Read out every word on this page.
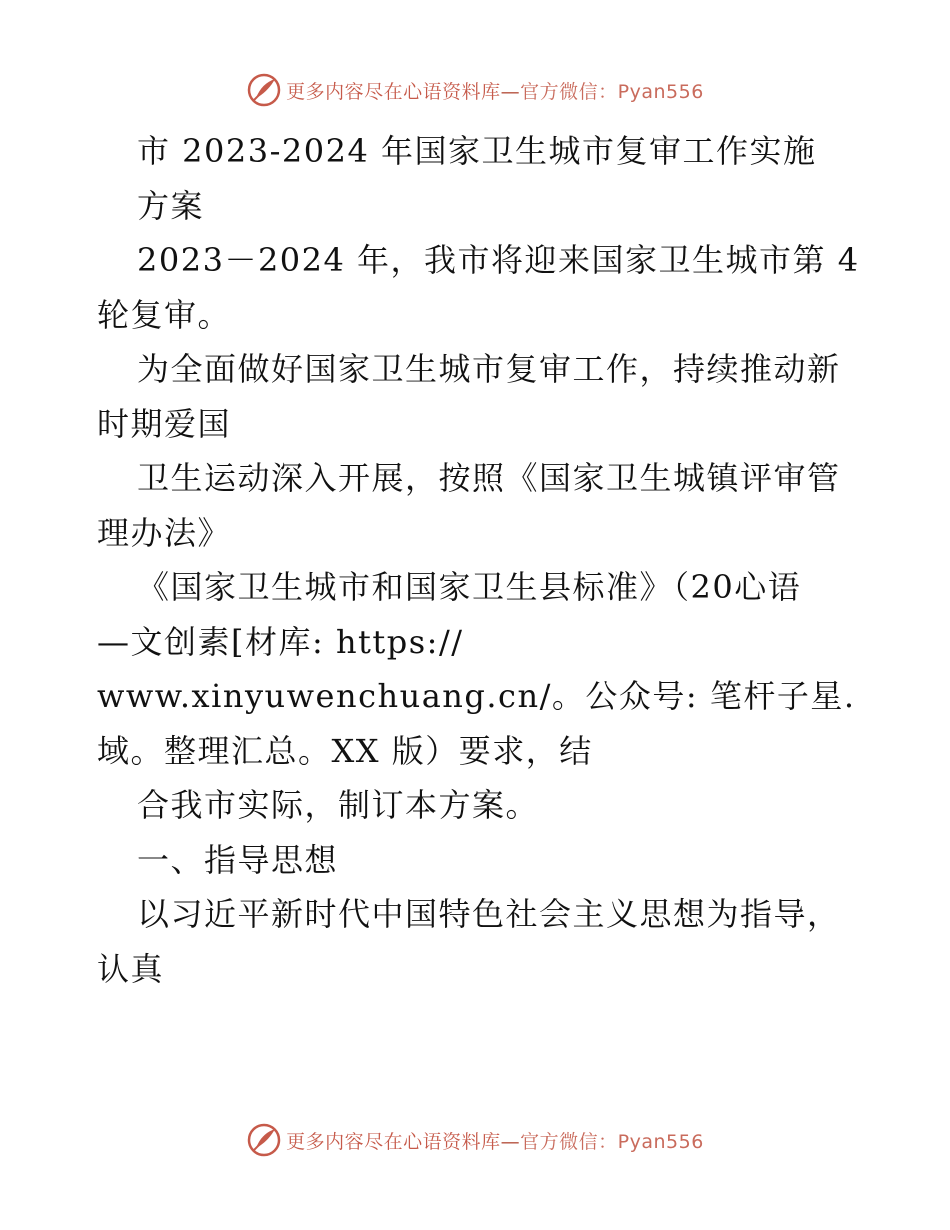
更多内容尽在心语资料库—官方微信：Pyan556
市 2023-2024 年国家卫生城市复审工作实施
方案
2023－2024 年，我市将迎来国家卫生城市第 4
轮复审。
为全面做好国家卫生城市复审工作，持续推动新
时期爱国
卫生运动深入开展，按照《国家卫生城镇评审管
理办法》
《国家卫生城市和国家卫生县标准》（20心语
—文创素[材库: https://
www.xinyuwenchuang.cn/。公众号: 笔杆子星.
域。整理汇总。XX 版）要求，结
合我市实际，制订本方案。
一、指导思想
以习近平新时代中国特色社会主义思想为指导，
认真
更多内容尽在心语资料库—官方微信：Pyan556
